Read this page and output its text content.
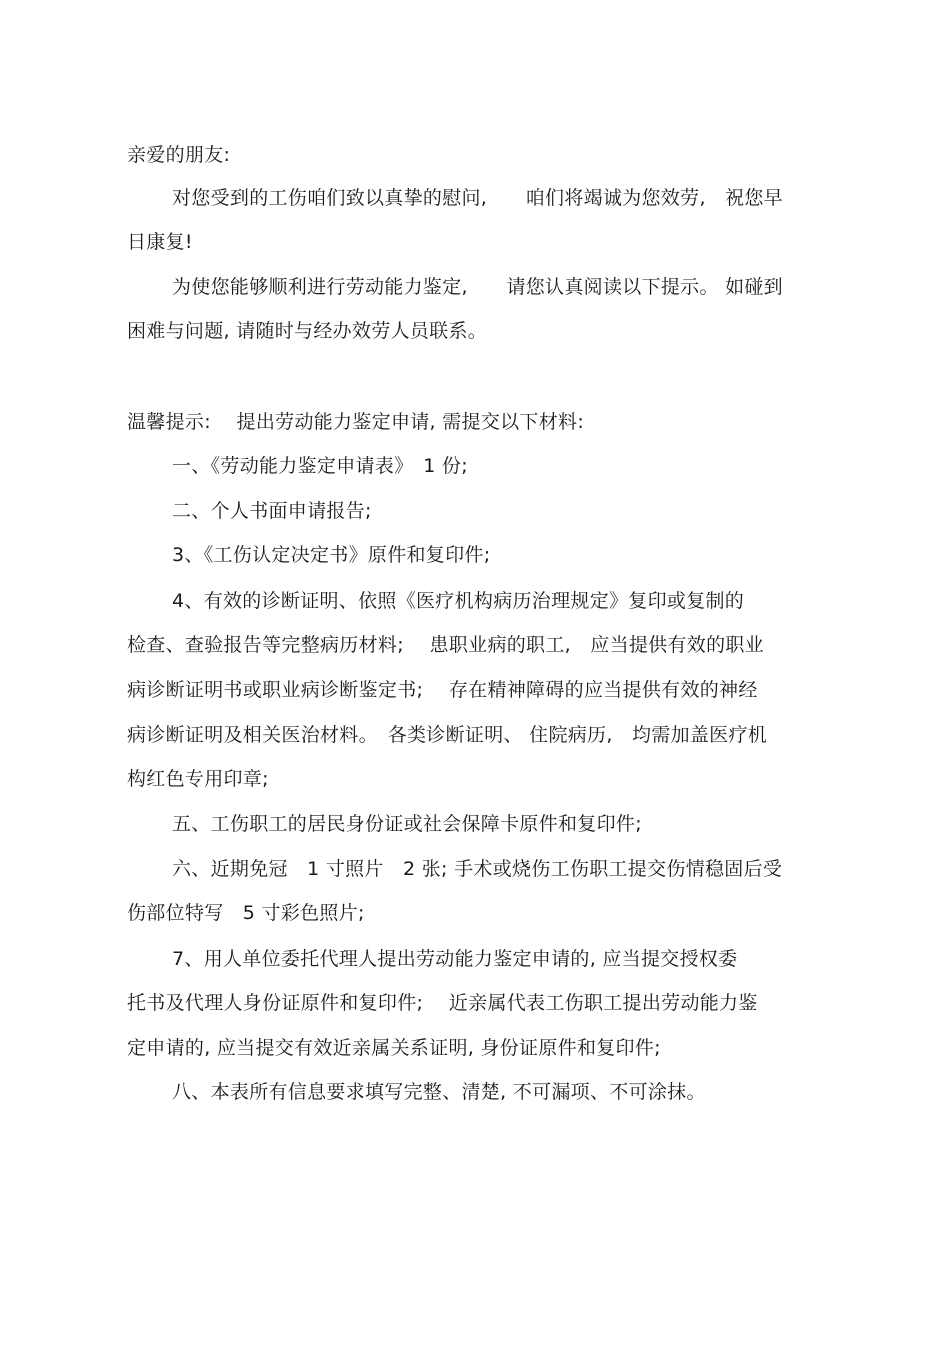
亲爱的朋友:
对您受到的工伤咱们致以真挚的慰问,　　咱们将竭诚为您效劳,　祝您早
日康复!
为使您能够顺利进行劳动能力鉴定,　　请您认真阅读以下提示。 如碰到
困难与问题, 请随时与经办效劳人员联系。
温馨提示:　 提出劳动能力鉴定申请, 需提交以下材料:
一、《劳动能力鉴定申请表》　1 份;
二、个人书面申请报告;
3、《工伤认定决定书》原件和复印件;
4、有效的诊断证明、依照《医疗机构病历治理规定》复印或复制的
检查、查验报告等完整病历材料;　 患职业病的职工,　应当提供有效的职业
病诊断证明书或职业病诊断鉴定书;　 存在精神障碍的应当提供有效的神经
病诊断证明及相关医治材料。　各类诊断证明、 住院病历,　均需加盖医疗机
构红色专用印章;
五、工伤职工的居民身份证或社会保障卡原件和复印件;
六、近期免冠　1 寸照片　2 张; 手术或烧伤工伤职工提交伤情稳固后受
伤部位特写　5 寸彩色照片;
7、用人单位委托代理人提出劳动能力鉴定申请的, 应当提交授权委
托书及代理人身份证原件和复印件;　 近亲属代表工伤职工提出劳动能力鉴
定申请的, 应当提交有效近亲属关系证明, 身份证原件和复印件;
八、本表所有信息要求填写完整、清楚, 不可漏项、不可涂抹。
